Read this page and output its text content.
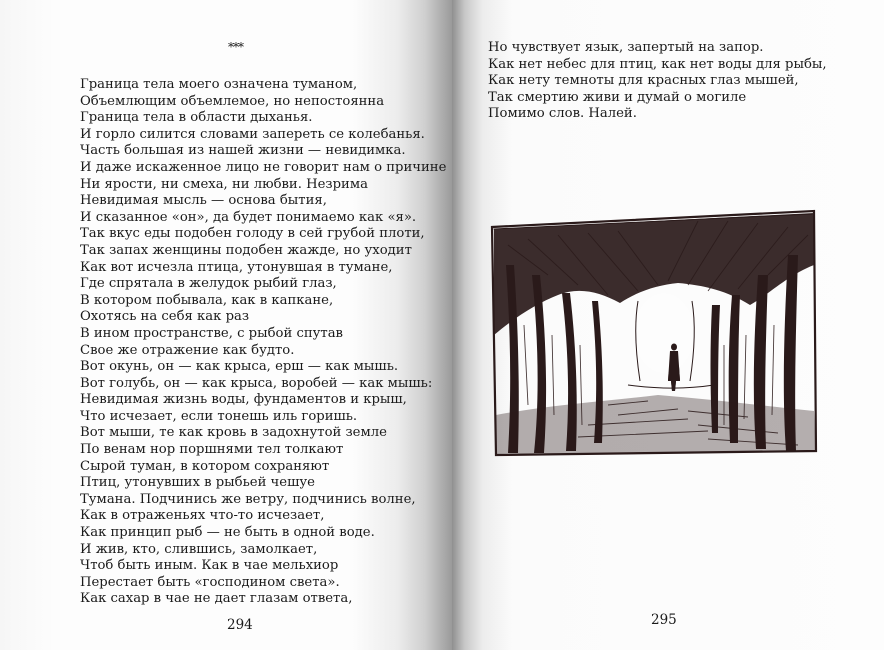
***
Граница тела моего означена туманом,
Объемлющим объемлемое, но непостоянна
Граница тела в области дыханья.
И горло силится словами запереть се колебанья.
Часть большая из нашей жизни — невидимка.
И даже искаженное лицо не говорит нам о причине
Ни ярости, ни смеха, ни любви. Незрима
Невидимая мысль — основа бытия,
И сказанное «он», да будет понимаемо как «я».
Так вкус еды подобен голоду в сей грубой плоти,
Так запах женщины подобен жажде, но уходит
Как вот исчезла птица, утонувшая в тумане,
Где спрятала в желудок рыбий глаз,
В котором побывала, как в капкане,
Охотясь на себя как раз
В ином пространстве, с рыбой спутав
Свое же отражение как будто.
Вот окунь, он — как крыса, ерш — как мышь.
Вот голубь, он — как крыса, воробей — как мышь:
Невидимая жизнь воды, фундаментов и крыш,
Что исчезает, если тонешь иль горишь.
Вот мыши, те как кровь в задохнутой земле
По венам нор поршнями тел толкают
Сырой туман, в котором сохраняют
Птиц, утонувших в рыбьей чешуе
Тумана. Подчинись же ветру, подчинись волне,
Как в отраженьях что-то исчезает,
Как принцип рыб — не быть в одной воде.
И жив, кто, слившись, замолкает,
Чтоб быть иным. Как в чае мельхиор
Перестает быть «господином света».
Как сахар в чае не дает глазам ответа,
294
Но чувствует язык, запертый на запор.
Как нет небес для птиц, как нет воды для рыбы,
Как нету темноты для красных глаз мышей,
Так смертию живи и думай о могиле
Помимо слов. Налей.
295
